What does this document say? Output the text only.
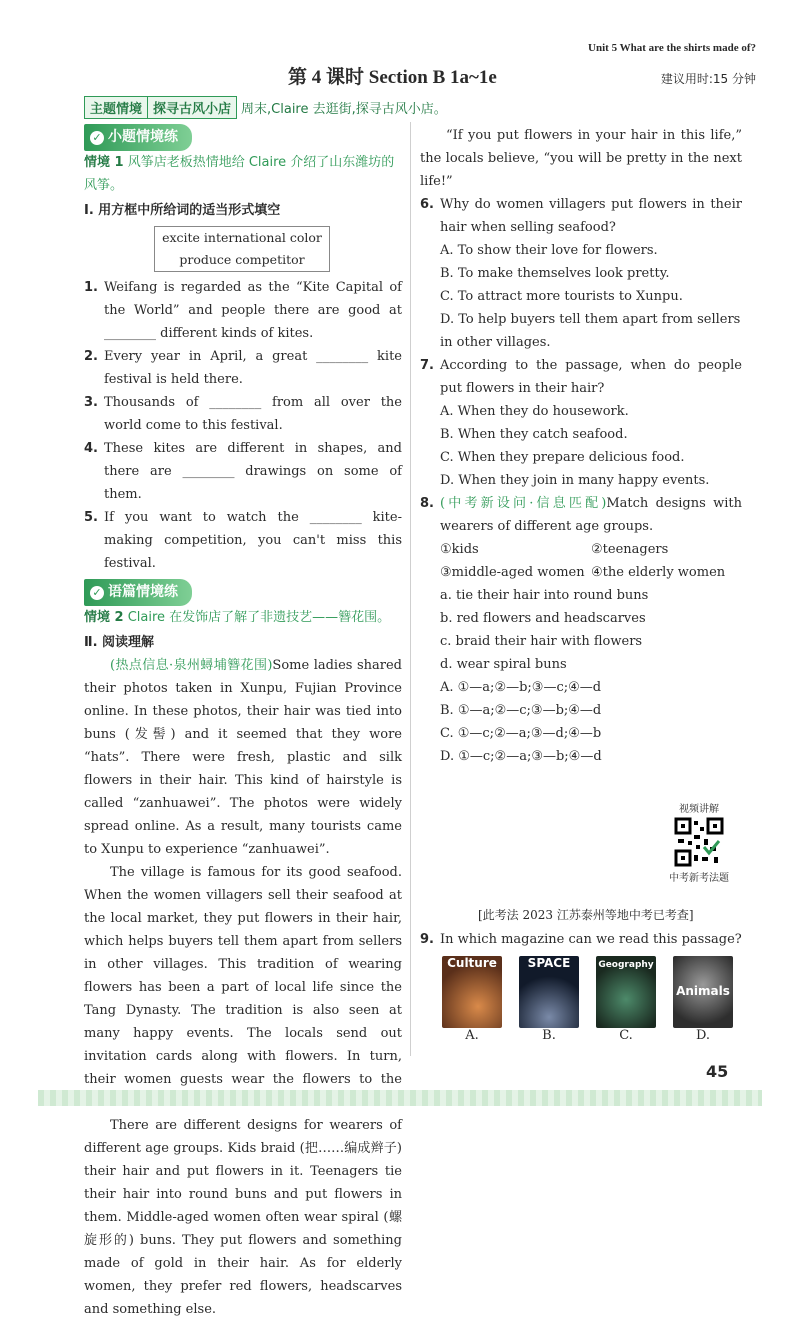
Unit 5 What are the shirts made of?
第 4 课时 Section B 1a~1e	建议用时:15 分钟
主题情境 探寻古风小店 周末,Claire 去逛街,探寻古风小店。
✓ 小题情境练
情境 1 风筝店老板热情地给 Claire 介绍了山东潍坊的风筝。
Ⅰ. 用方框中所给词的适当形式填空
excite international color
produce competitor
1. Weifang is regarded as the “Kite Capital of the World” and people there are good at ________ different kinds of kites.
2. Every year in April, a great ________ kite festival is held there.
3. Thousands of ________ from all over the world come to this festival.
4. These kites are different in shapes, and there are ________ drawings on some of them.
5. If you want to watch the ________ kite-making competition, you can't miss this festival.
✓ 语篇情境练
情境 2 Claire 在发饰店了解了非遗技艺——簪花围。
Ⅱ. 阅读理解
(热点信息·泉州蟳埔簪花围)Some ladies shared their photos taken in Xunpu, Fujian Province online. In these photos, their hair was tied into buns (发髻) and it seemed that they wore “hats”. There were fresh, plastic and silk flowers in their hair. This kind of hairstyle is called “zanhuawei”. The photos were widely spread online. As a result, many tourists came to Xunpu to experience “zanhuawei”.
The village is famous for its good seafood. When the women villagers sell their seafood at the local market, they put flowers in their hair, which helps buyers tell them apart from sellers in other villages. This tradition of wearing flowers has been a part of local life since the Tang Dynasty. The tradition is also seen at many happy events. The locals send out invitation cards along with flowers. In turn, their women guests wear the flowers to the
There are different designs for wearers of different age groups. Kids braid (把……编成辫子) their hair and put flowers in it. Teenagers tie their hair into round buns and put flowers in them. Middle-aged women often wear spiral (螺旋形的) buns. They put flowers and something made of gold in their hair. As for elderly women, they prefer red flowers, headscarves and something else.
“If you put flowers in your hair in this life,” the locals believe, “you will be pretty in the next life!”
6. Why do women villagers put flowers in their hair when selling seafood?
A. To show their love for flowers.
B. To make themselves look pretty.
C. To attract more tourists to Xunpu.
D. To help buyers tell them apart from sellers in other villages.
7. According to the passage, when do people put flowers in their hair?
A. When they do housework.
B. When they catch seafood.
C. When they prepare delicious food.
D. When they join in many happy events.
8. (中考新设问·信息匹配)Match designs with wearers of different age groups.
①kids	②teenagers
③middle-aged women ④the elderly women
a. tie their hair into round buns
b. red flowers and headscarves
c. braid their hair with flowers
d. wear spiral buns
A. ①—a;②—b;③—c;④—d
B. ①—a;②—c;③—b;④—d
C. ①—c;②—a;③—d;④—b
D. ①—c;②—a;③—b;④—d
视频讲解
中考新考法题
[此考法 2023 江苏泰州等地中考已考查]
9. In which magazine can we read this passage?
Culture
A.
SPACE
B.
Geography
C.
Animals
D.
45
